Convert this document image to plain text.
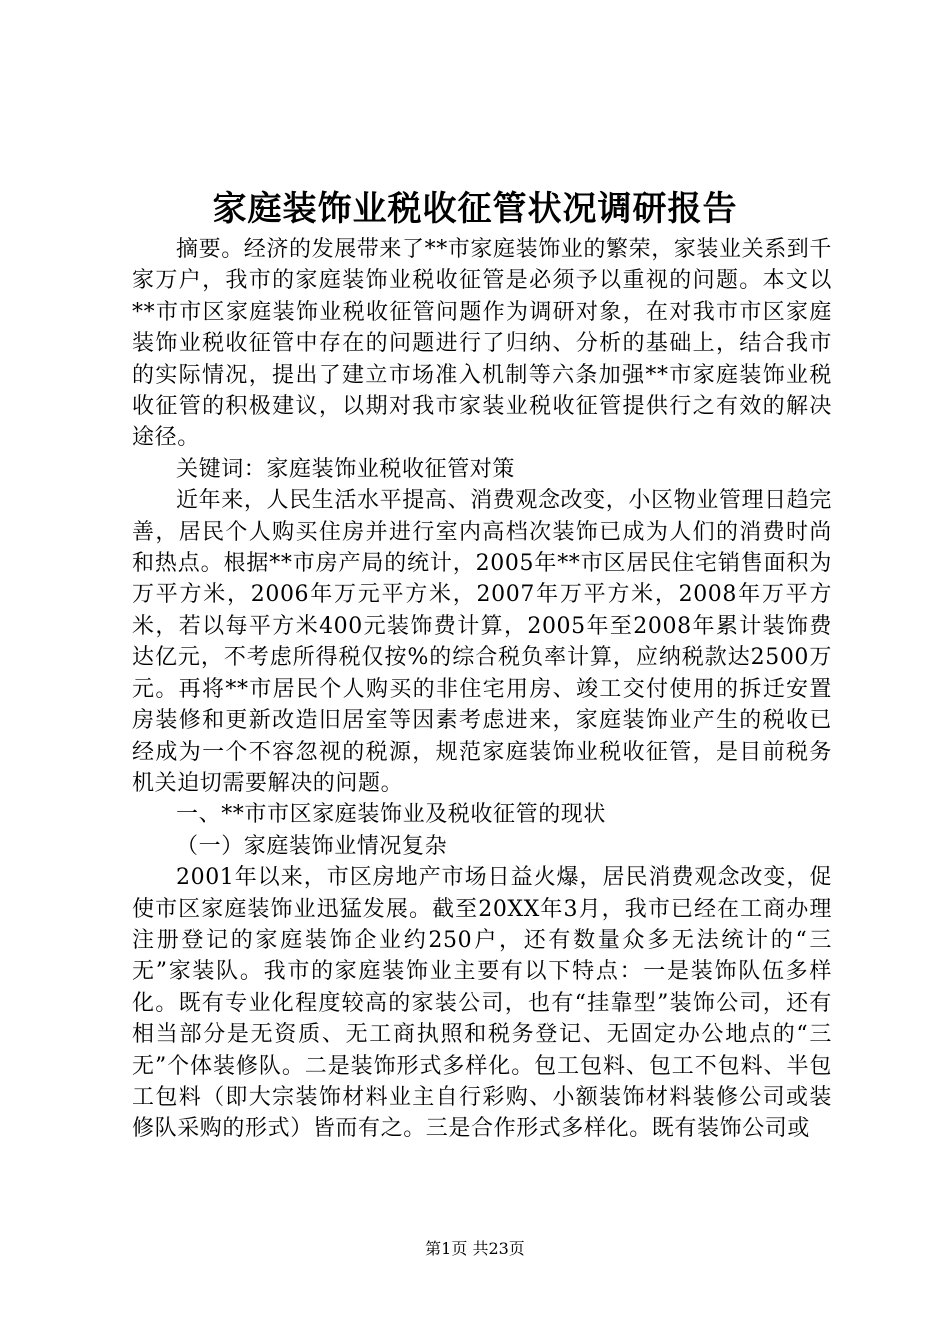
家庭装饰业税收征管状况调研报告

摘要。经济的发展带来了**市家庭装饰业的繁荣，家装业关系到千家万户，我市的家庭装饰业税收征管是必须予以重视的问题。本文以**市市区家庭装饰业税收征管问题作为调研对象，在对我市市区家庭装饰业税收征管中存在的问题进行了归纳、分析的基础上，结合我市的实际情况，提出了建立市场准入机制等六条加强**市家庭装饰业税收征管的积极建议，以期对我市家装业税收征管提供行之有效的解决途径。

关键词：家庭装饰业税收征管对策

近年来，人民生活水平提高、消费观念改变，小区物业管理日趋完善，居民个人购买住房并进行室内高档次装饰已成为人们的消费时尚和热点。根据**市房产局的统计，2005年**市区居民住宅销售面积为万平方米，2006年万元平方米，2007年万平方米，2008年万平方米，若以每平方米400元装饰费计算，2005年至2008年累计装饰费达亿元，不考虑所得税仅按%的综合税负率计算，应纳税款达2500万元。再将**市居民个人购买的非住宅用房、竣工交付使用的拆迁安置房装修和更新改造旧居室等因素考虑进来，家庭装饰业产生的税收已经成为一个不容忽视的税源，规范家庭装饰业税收征管，是目前税务机关迫切需要解决的问题。

一、**市市区家庭装饰业及税收征管的现状

（一）家庭装饰业情况复杂

2001年以来，市区房地产市场日益火爆，居民消费观念改变，促使市区家庭装饰业迅猛发展。截至20XX年3月，我市已经在工商办理注册登记的家庭装饰企业约250户，还有数量众多无法统计的“三无”家装队。我市的家庭装饰业主要有以下特点：一是装饰队伍多样化。既有专业化程度较高的家装公司，也有“挂靠型”装饰公司，还有相当部分是无资质、无工商执照和税务登记、无固定办公地点的“三无”个体装修队。二是装饰形式多样化。包工包料、包工不包料、半包工包料（即大宗装饰材料业主自行彩购、小额装饰材料装修公司或装修队采购的形式）皆而有之。三是合作形式多样化。既有装饰公司或

第1页 共23页
